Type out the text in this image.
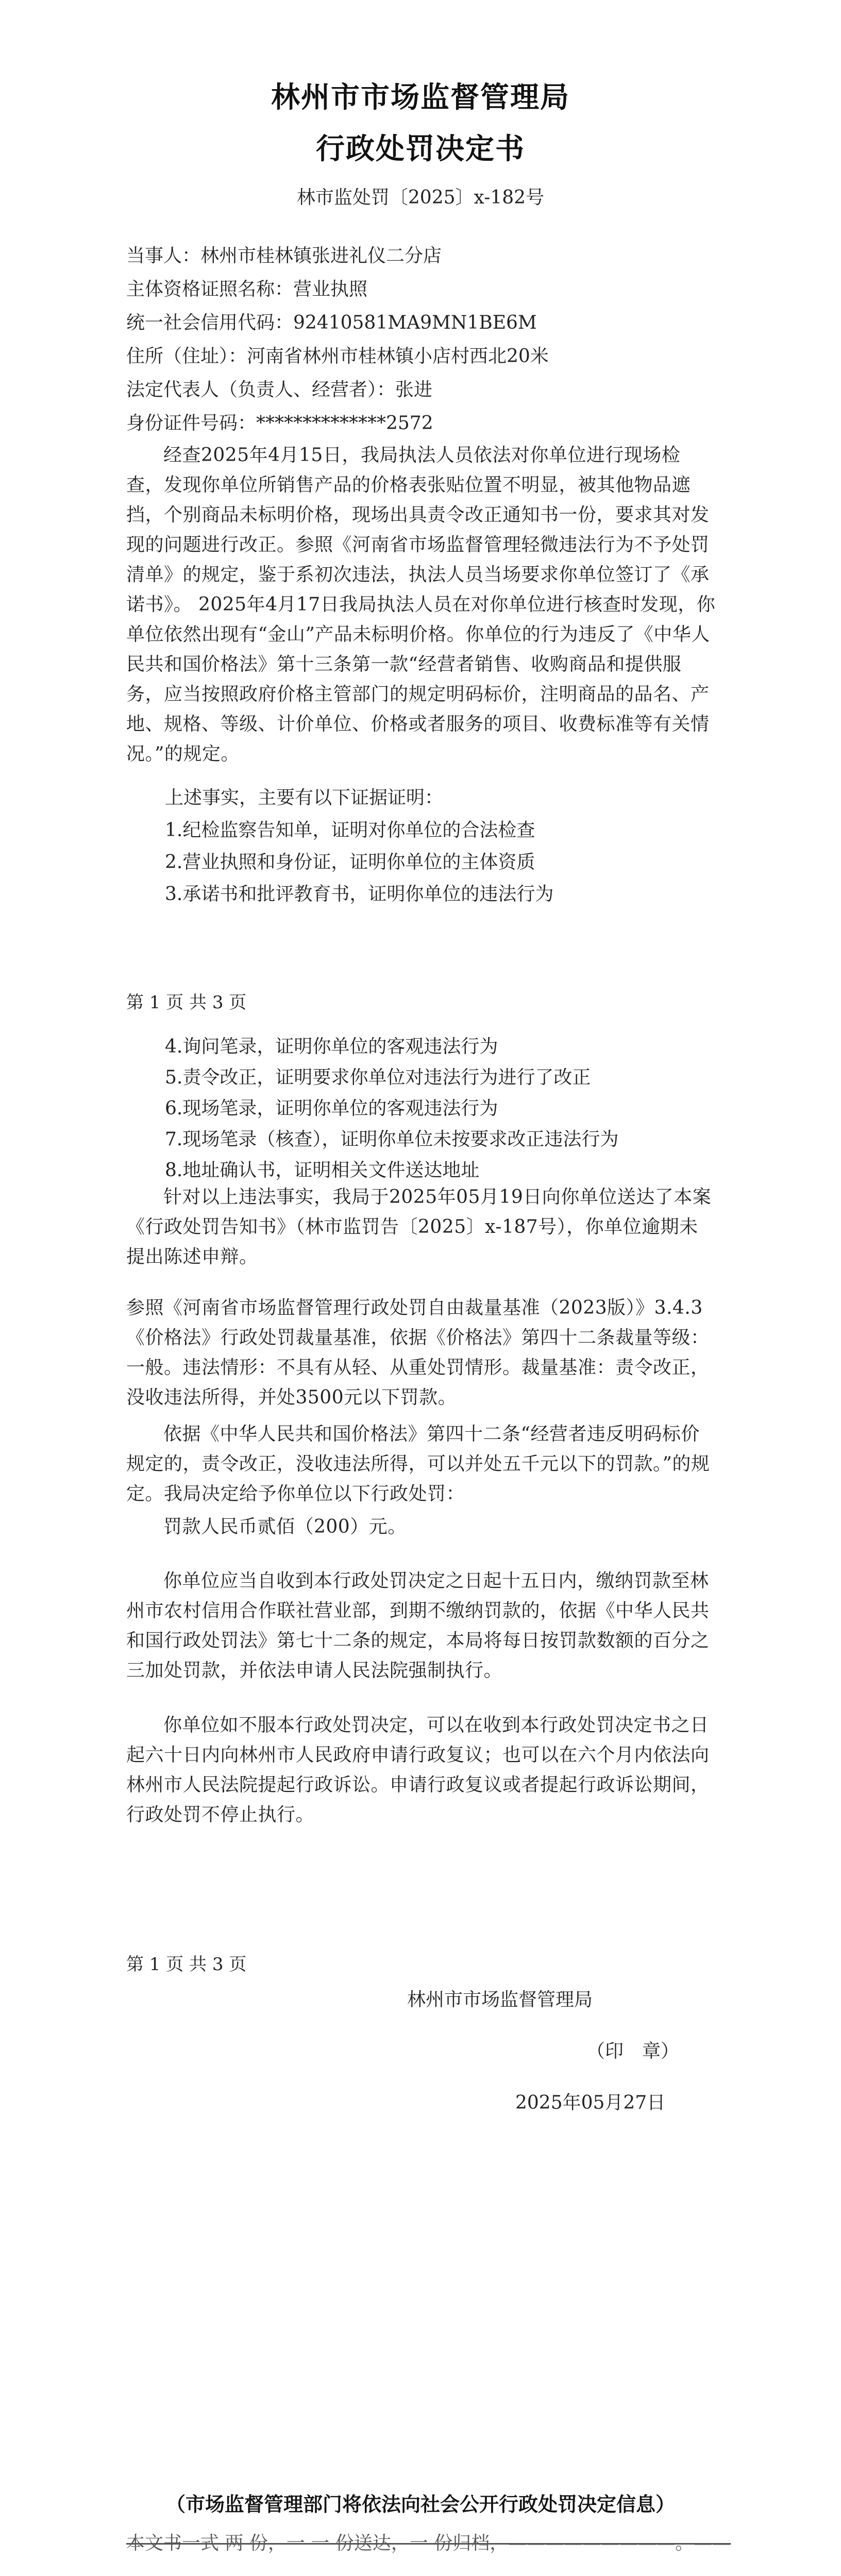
林州市市场监督管理局
行政处罚决定书
林市监处罚〔2025〕x-182号
当事人：林州市桂林镇张进礼仪二分店
主体资格证照名称：营业执照
统一社会信用代码：92410581MA9MN1BE6M
住所（住址）：河南省林州市桂林镇小店村西北20米
法定代表人（负责人、经营者）：张进
身份证件号码：**************2572

经查2025年4月15日，我局执法人员依法对你单位进行现场检查，发现你单位所销售产品的价格表张贴位置不明显，被其他物品遮挡，个别商品未标明价格，现场出具责令改正通知书一份，要求其对发现的问题进行改正。参照《河南省市场监督管理轻微违法行为不予处罚清单》的规定，鉴于系初次违法，执法人员当场要求你单位签订了《承诺书》。 2025年4月17日我局执法人员在对你单位进行核查时发现，你单位依然出现有“金山”产品未标明价格。你单位的行为违反了《中华人民共和国价格法》第十三条第一款“经营者销售、收购商品和提供服务，应当按照政府价格主管部门的规定明码标价，注明商品的品名、产地、规格、等级、计价单位、价格或者服务的项目、收费标准等有关情况。”的规定。

上述事实，主要有以下证据证明：
1.纪检监察告知单，证明对你单位的合法检查
2.营业执照和身份证，证明你单位的主体资质
3.承诺书和批评教育书，证明你单位的违法行为
第 1 页 共 3 页
4.询问笔录，证明你单位的客观违法行为
5.责令改正，证明要求你单位对违法行为进行了改正
6.现场笔录，证明你单位的客观违法行为
7.现场笔录（核查），证明你单位未按要求改正违法行为
8.地址确认书，证明相关文件送达地址

针对以上违法事实，我局于2025年05月19日向你单位送达了本案《行政处罚告知书》（林市监罚告〔2025〕x-187号），你单位逾期未提出陈述申辩。

参照《河南省市场监督管理行政处罚自由裁量基准（2023版）》3.4.3《价格法》行政处罚裁量基准，依据《价格法》第四十二条裁量等级：一般。违法情形：不具有从轻、从重处罚情形。裁量基准：责令改正，没收违法所得，并处3500元以下罚款。

依据《中华人民共和国价格法》第四十二条“经营者违反明码标价规定的，责令改正，没收违法所得，可以并处五千元以下的罚款。”的规定。我局决定给予你单位以下行政处罚：

罚款人民币贰佰（200）元。

你单位应当自收到本行政处罚决定之日起十五日内，缴纳罚款至林州市农村信用合作联社营业部，到期不缴纳罚款的，依据《中华人民共和国行政处罚法》第七十二条的规定，本局将每日按罚款数额的百分之三加处罚款，并依法申请人民法院强制执行。

你单位如不服本行政处罚决定，可以在收到本行政处罚决定书之日起六十日内向林州市人民政府申请行政复议；也可以在六个月内依法向林州市人民法院提起行政诉讼。申请行政复议或者提起行政诉讼期间，行政处罚不停止执行。

第 1 页 共 3 页
林州市市场监督管理局
（印　章）
2025年05月27日
（市场监督管理部门将依法向社会公开行政处罚决定信息）
本文书一式 两 份，一 一 份送达，一 份归档，—————————。——
